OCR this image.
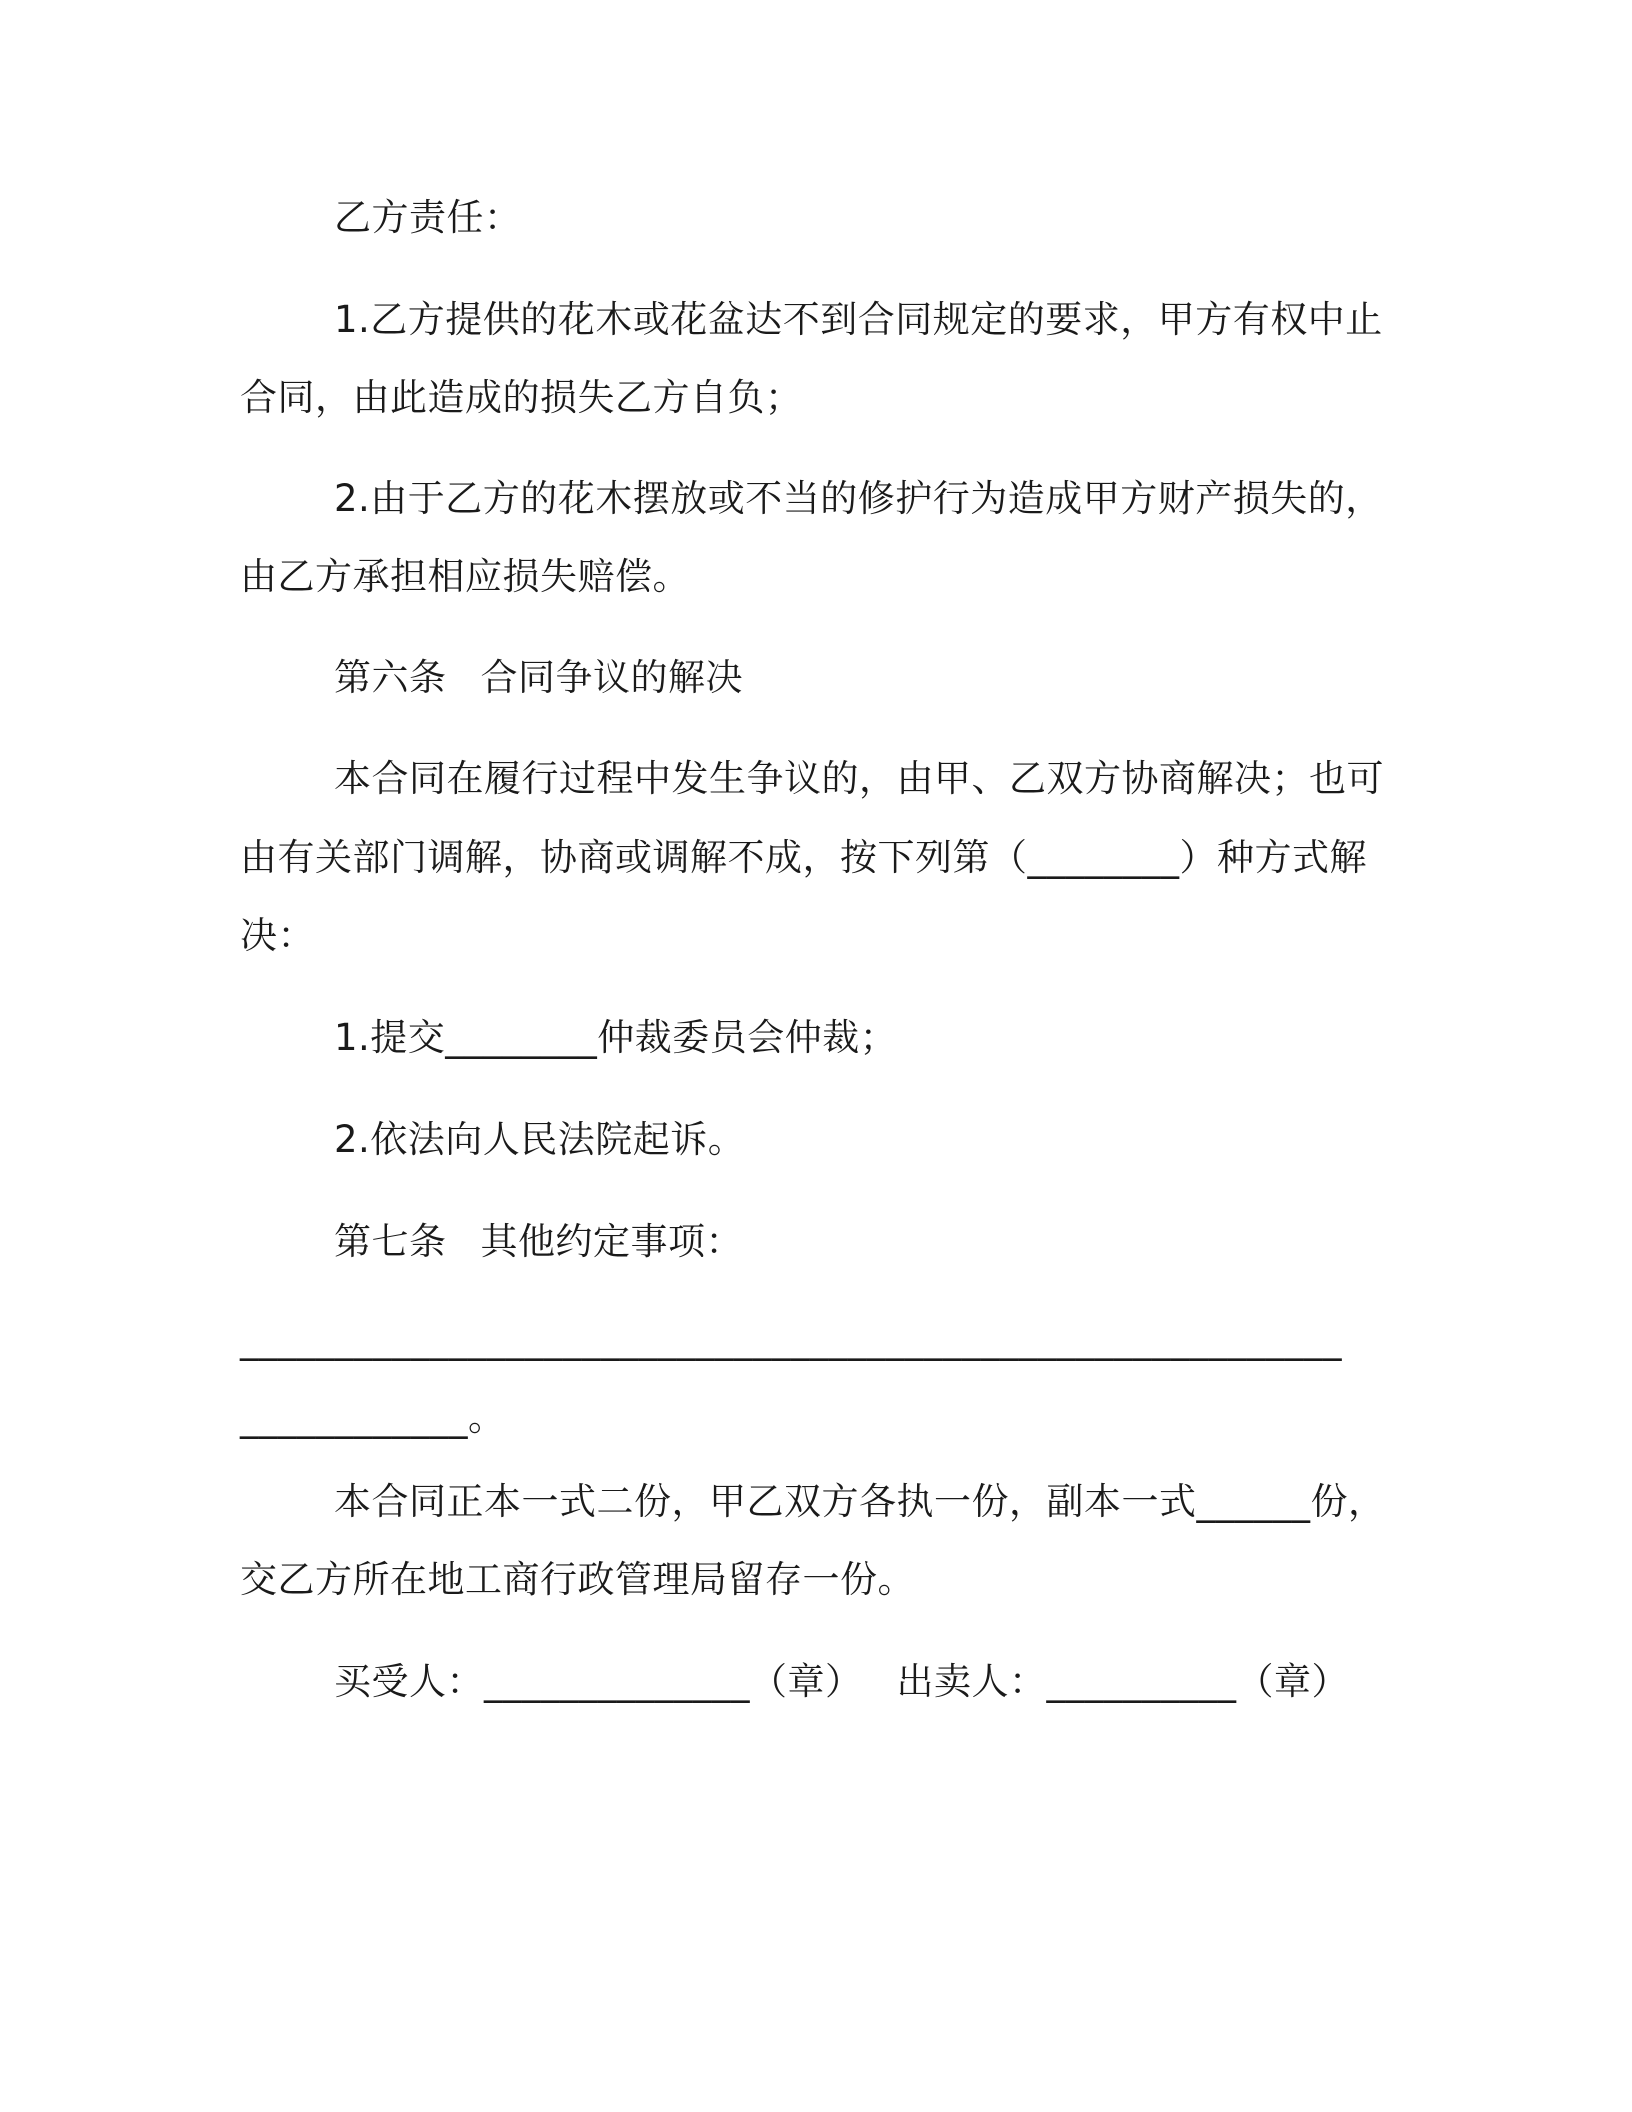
乙方责任：
1.乙方提供的花木或花盆达不到合同规定的要求，甲方有权中止
合同，由此造成的损失乙方自负；
2.由于乙方的花木摆放或不当的修护行为造成甲方财产损失的，
由乙方承担相应损失赔偿。
第六条 合同争议的解决
本合同在履行过程中发生争议的，由甲、乙双方协商解决；也可
由有关部门调解，协商或调解不成，按下列第（________）种方式解
决：
1.提交________仲裁委员会仲裁；
2.依法向人民法院起诉。
第七条 其他约定事项：
__________________________________________________________
____________。
本合同正本一式二份，甲乙双方各执一份，副本一式______份，
交乙方所在地工商行政管理局留存一份。
买受人：______________（章） 出卖人：__________（章）
